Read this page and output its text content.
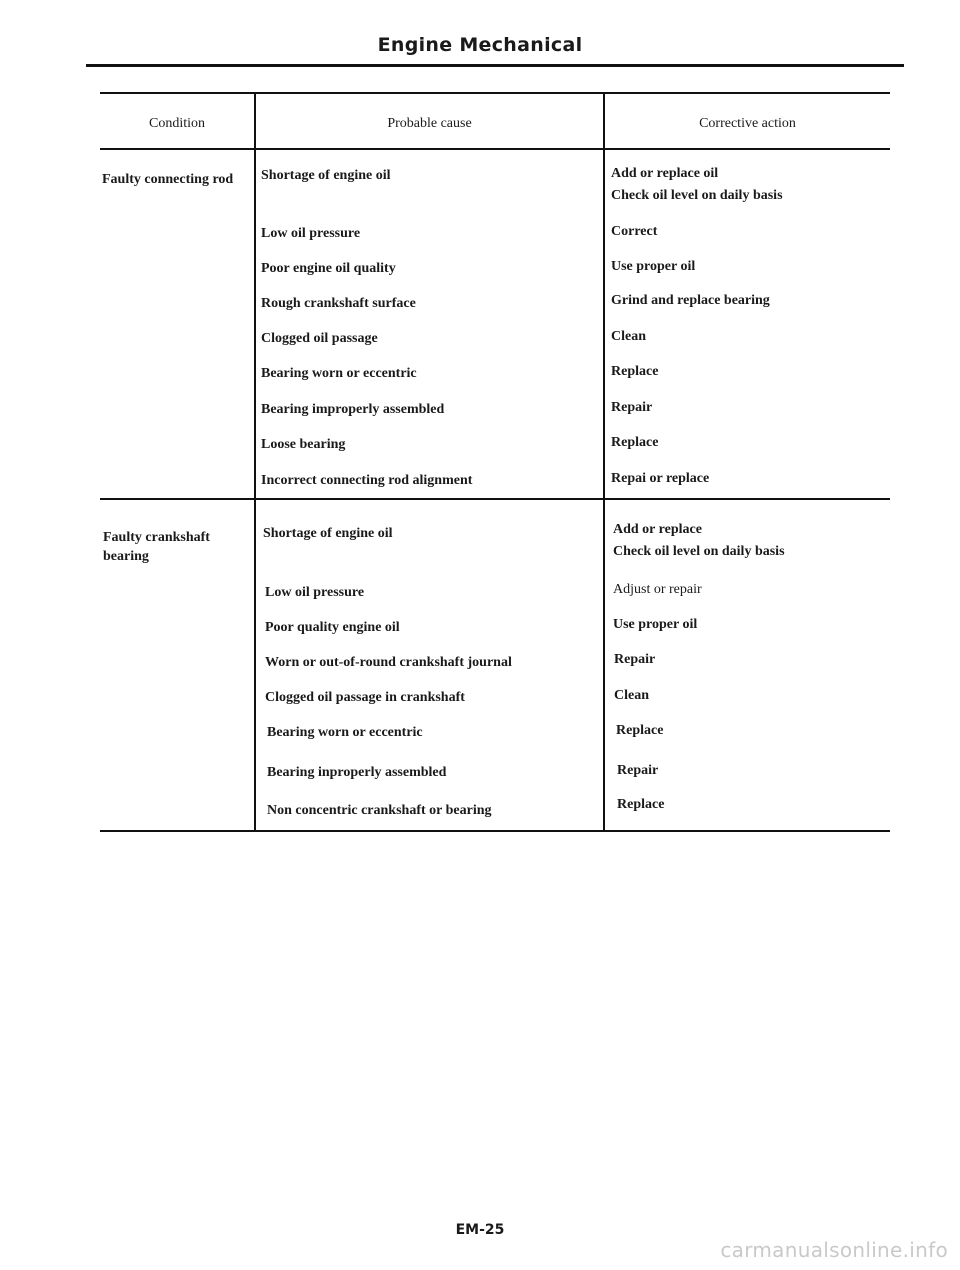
Engine Mechanical
Condition	Probable cause	Corrective action
Faulty connecting rod	Shortage of engine oil	Add or replace oil
Check oil level on daily basis
Low oil pressure	Correct
Poor engine oil quality	Use proper oil
Rough crankshaft surface	Grind and replace bearing
Clogged oil passage	Clean
Bearing worn or eccentric	Replace
Bearing improperly assembled	Repair
Loose bearing	Replace
Incorrect connecting rod alignment	Repai or replace
Faulty crankshaft bearing
Shortage of engine oil	Add or replace
Check oil level on daily basis
Low oil pressure	Adjust or repair
Poor quality engine oil	Use proper oil
Worn or out-of-round crankshaft journal	Repair
Clogged oil passage in crankshaft	Clean
Bearing worn or eccentric	Replace
Bearing inproperly assembled	Repair
Non concentric crankshaft or bearing	Replace
EM-25
carmanualsonline.info
